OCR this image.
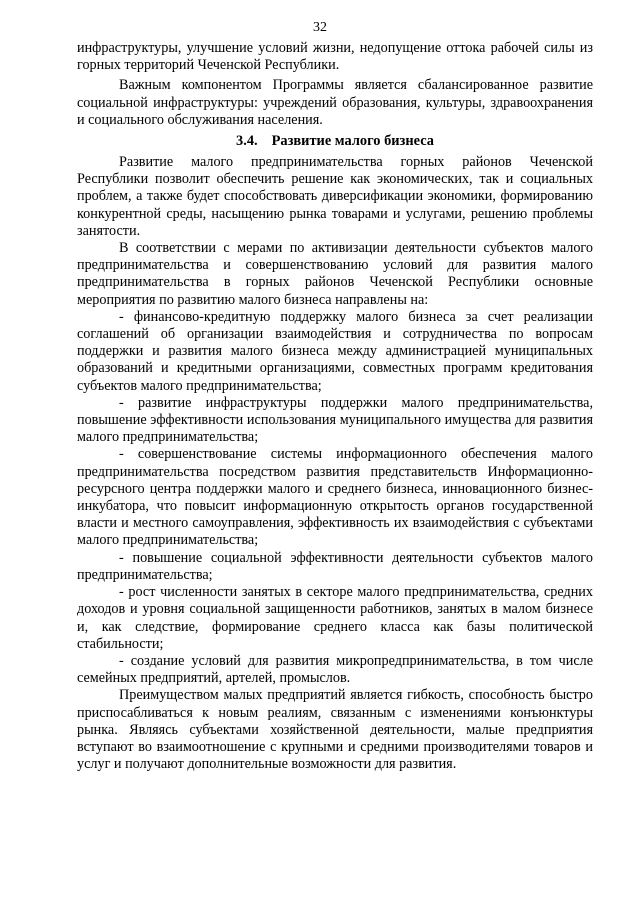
32

инфраструктуры, улучшение условий жизни, недопущение оттока рабочей силы из горных территорий Чеченской Республики.

Важным компонентом Программы является сбалансированное развитие социальной инфраструктуры: учреждений образования, культуры, здравоохранения и социального обслуживания населения.

3.4. Развитие малого бизнеса

Развитие малого предпринимательства горных районов Чеченской Республики позволит обеспечить решение как экономических, так и социальных проблем, а также будет способствовать диверсификации экономики, формированию конкурентной среды, насыщению рынка товарами и услугами, решению проблемы занятости.

В соответствии с мерами по активизации деятельности субъектов малого предпринимательства и совершенствованию условий для развития малого предпринимательства в горных районов Чеченской Республики основные мероприятия по развитию малого бизнеса направлены на:

- финансово-кредитную поддержку малого бизнеса за счет реализации соглашений об организации взаимодействия и сотрудничества по вопросам поддержки и развития малого бизнеса между администрацией муниципальных образований и кредитными организациями, совместных программ кредитования субъектов малого предпринимательства;

- развитие инфраструктуры поддержки малого предпринимательства, повышение эффективности использования муниципального имущества для развития малого предпринимательства;

- совершенствование системы информационного обеспечения малого предпринимательства посредством развития представительств Информационно-ресурсного центра поддержки малого и среднего бизнеса, инновационного бизнес-инкубатора, что повысит информационную открытость органов государственной власти и местного самоуправления, эффективность их взаимодействия с субъектами малого предпринимательства;

- повышение социальной эффективности деятельности субъектов малого предпринимательства;

- рост численности занятых в секторе малого предпринимательства, средних доходов и уровня социальной защищенности работников, занятых в малом бизнесе и, как следствие, формирование среднего класса как базы политической стабильности;

- создание условий для развития микропредпринимательства, в том числе семейных предприятий, артелей, промыслов.

Преимуществом малых предприятий является гибкость, способность быстро приспосабливаться к новым реалиям, связанным с изменениями конъюнктуры рынка. Являясь субъектами хозяйственной деятельности, малые предприятия вступают во взаимоотношение с крупными и средними производителями товаров и услуг и получают дополнительные возможности для развития.
